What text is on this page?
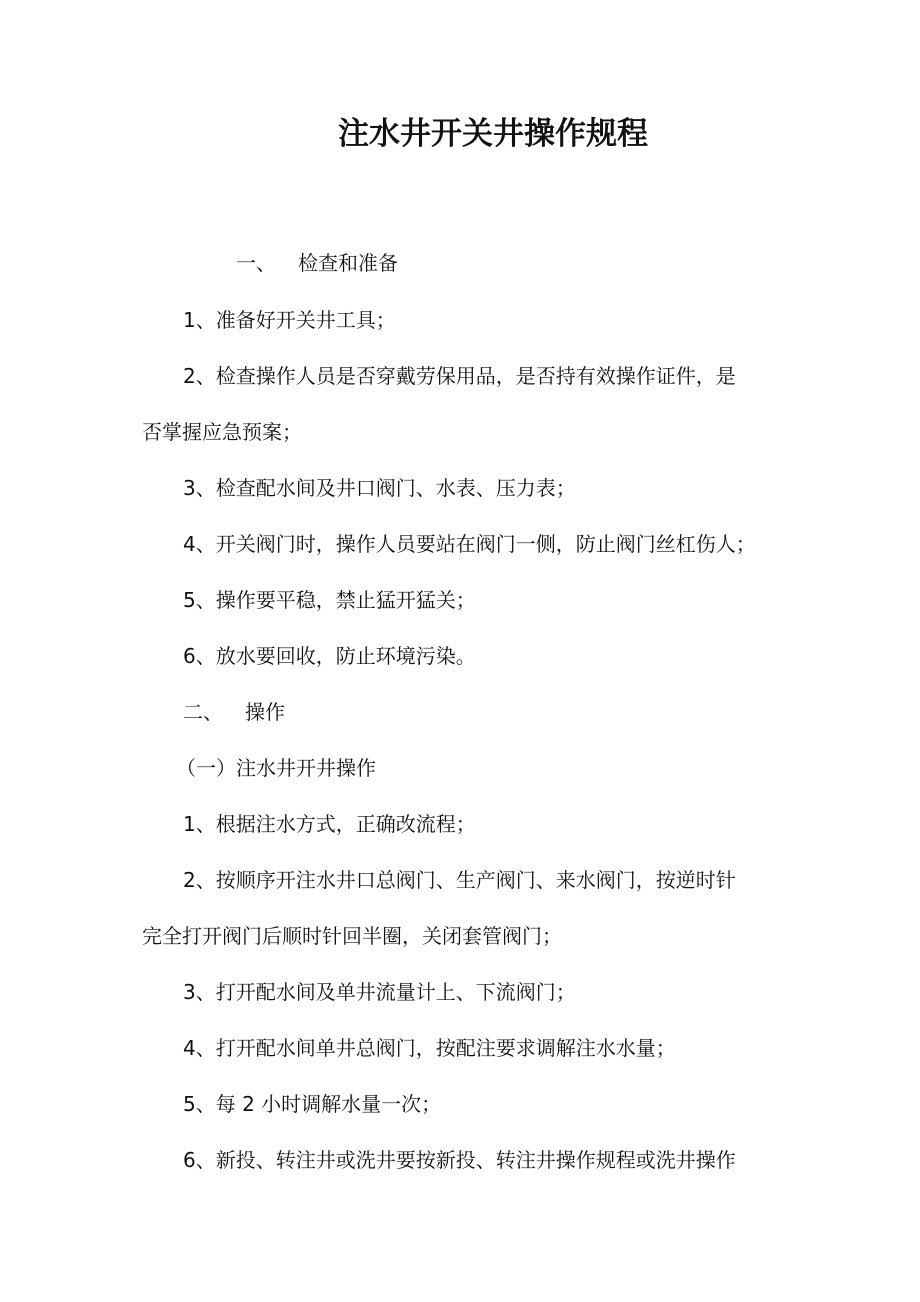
注水井开关井操作规程
一、 检查和准备
1、准备好开关井工具；
2、检查操作人员是否穿戴劳保用品，是否持有效操作证件，是
否掌握应急预案；
3、检查配水间及井口阀门、水表、压力表；
4、开关阀门时，操作人员要站在阀门一侧，防止阀门丝杠伤人；
5、操作要平稳，禁止猛开猛关；
6、放水要回收，防止环境污染。
二、 操作
（一）注水井开井操作
1、根据注水方式，正确改流程；
2、按顺序开注水井口总阀门、生产阀门、来水阀门，按逆时针
完全打开阀门后顺时针回半圈，关闭套管阀门；
3、打开配水间及单井流量计上、下流阀门；
4、打开配水间单井总阀门，按配注要求调解注水水量；
5、每 2 小时调解水量一次；
6、新投、转注井或洗井要按新投、转注井操作规程或洗井操作
